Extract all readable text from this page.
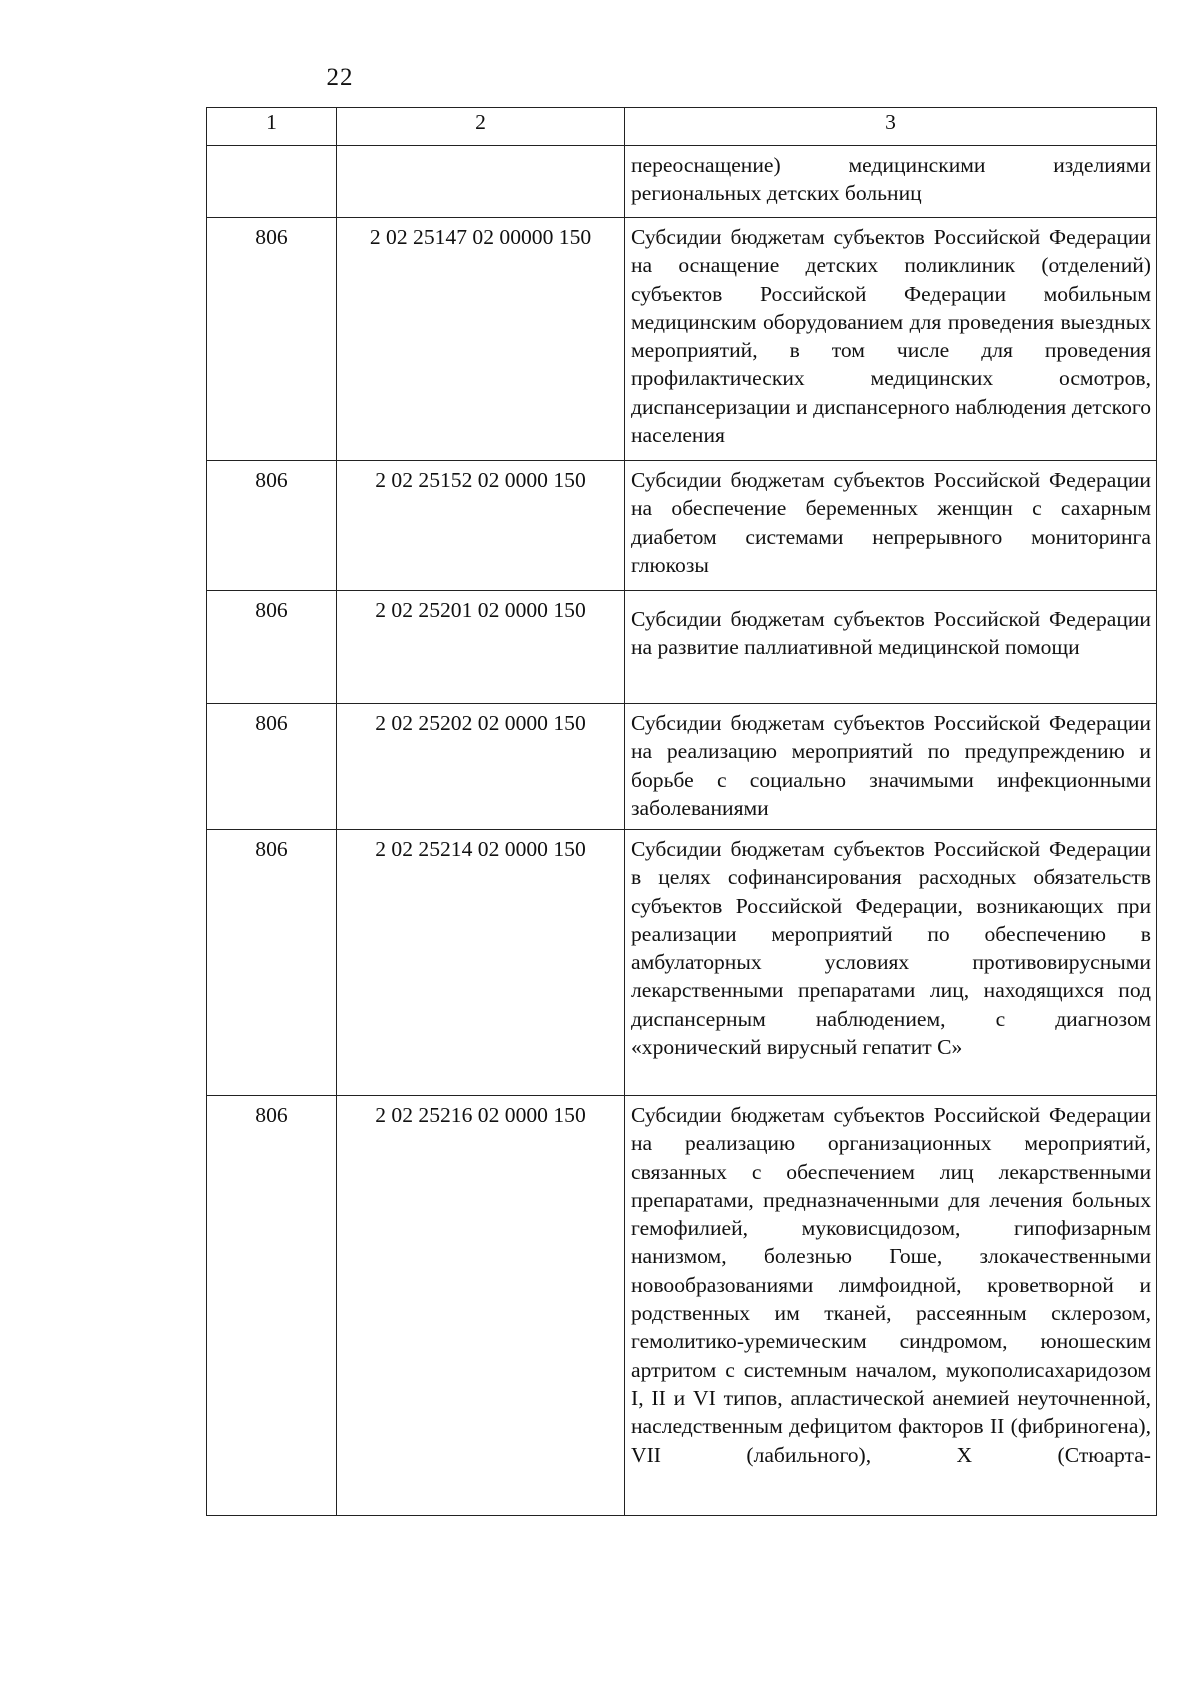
22
1	2	3
		переоснащение) медицинскими изделиями региональных детских больниц
806	2 02 25147 02 00000 150	Субсидии бюджетам субъектов Российской Федерации на оснащение детских поликлиник (отделений) субъектов Российской Федерации мобильным медицинским оборудованием для проведения выездных мероприятий, в том числе для проведения профилактических медицинских осмотров, диспансеризации и диспансерного наблюдения детского населения
806	2 02 25152 02 0000 150	Субсидии бюджетам субъектов Российской Федерации на обеспечение беременных женщин с сахарным диабетом системами непрерывного мониторинга глюкозы
806	2 02 25201 02 0000 150	Субсидии бюджетам субъектов Российской Федерации на развитие паллиативной медицинской помощи
806	2 02 25202 02 0000 150	Субсидии бюджетам субъектов Российской Федерации на реализацию мероприятий по предупреждению и борьбе с социально значимыми инфекционными заболеваниями
806	2 02 25214 02 0000 150	Субсидии бюджетам субъектов Российской Федерации в целях софинансирования расходных обязательств субъектов Российской Федерации, возникающих при реализации мероприятий по обеспечению в амбулаторных условиях противовирусными лекарственными препаратами лиц, находящихся под диспансерным наблюдением, с диагнозом «хронический вирусный гепатит С»
806	2 02 25216 02 0000 150	Субсидии бюджетам субъектов Российской Федерации на реализацию организационных мероприятий, связанных с обеспечением лиц лекарственными препаратами, предназначенными для лечения больных гемофилией, муковисцидозом, гипофизарным нанизмом, болезнью Гоше, злокачественными новообразованиями лимфоидной, кроветворной и родственных им тканей, рассеянным склерозом, гемолитико-уремическим синдромом, юношеским артритом с системным началом, мукополисахаридозом I, II и VI типов, апластической анемией неуточненной, наследственным дефицитом факторов II (фибриногена), VII (лабильного), X (Стюарта-
